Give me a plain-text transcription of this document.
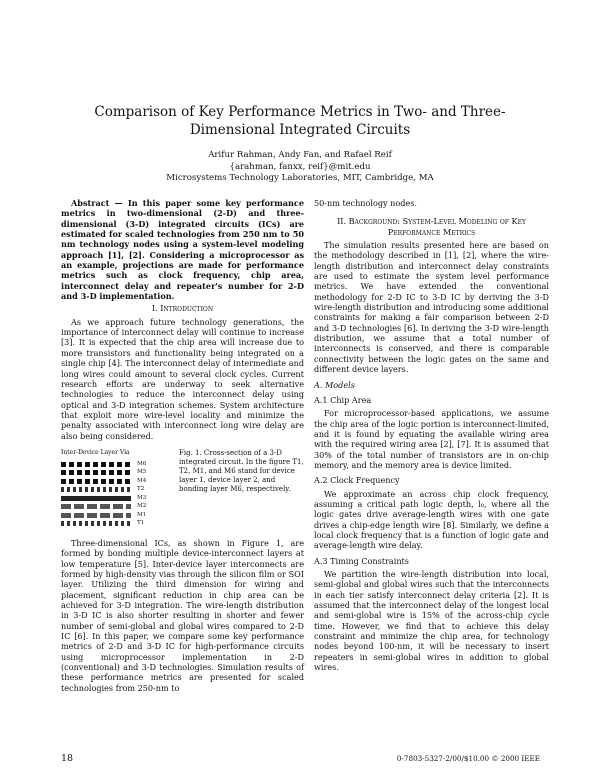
Comparison of Key Performance Metrics in Two- and Three-Dimensional Integrated Circuits
Arifur Rahman, Andy Fan, and Rafael Reif
{arahman, fanxx, reif}@mit.edu
Microsystems Technology Laboratories, MIT, Cambridge, MA

Abstract — In this paper some key performance metrics in two-dimensional (2-D) and three-dimensional (3-D) integrated circuits (ICs) are estimated for scaled technologies from 250 nm to 50 nm technology nodes using a system-level modeling approach [1], [2]. Considering a microprocessor as an example, projections are made for performance metrics such as clock frequency, chip area, interconnect delay and repeater's number for 2-D and 3-D implementation.

I. Introduction

As we approach future technology generations, the importance of interconnect delay will continue to increase [3]. It is expected that the chip area will increase due to more transistors and functionality being integrated on a single chip [4]. The interconnect delay of intermediate and long wires could amount to several clock cycles. Current research efforts are underway to seek alternative technologies to reduce the interconnect delay using optical and 3-D integration schemes. System architecture that exploit more wire-level locality and minimize the penalty associated with interconnect long wire delay are also being considered.

Inter-Device Layer Via
M6
M5
M4
T2
M3
M2
M1
T1
Fig. 1. Cross-section of a 3-D integrated circuit. In the figure T1, T2, M1, and M6 stand for device layer 1, device layer 2, and bonding layer M6, respectively.

Three-dimensional ICs, as shown in Figure 1, are formed by bonding multiple device-interconnect layers at low temperature [5]. Inter-device layer interconnects are formed by high-density vias through the silicon film or SOI layer. Utilizing the third dimension for wiring and placement, significant reduction in chip area can be achieved for 3-D integration. The wire-length distribution in 3-D IC is also shorter resulting in shorter and fewer number of semi-global and global wires compared to 2-D IC [6]. In this paper, we compare some key performance metrics of 2-D and 3-D IC for high-performance circuits using microprocessor implementation in 2-D (conventional) and 3-D technologies. Simulation results of these performance metrics are presented for scaled technologies from 250-nm to

50-nm technology nodes.

II. Background: System-Level Modeling of Key Performance Metrics

The simulation results presented here are based on the methodology described in [1], [2], where the wire-length distribution and interconnect delay constraints are used to estimate the system level performance metrics. We have extended the conventional methodology for 2-D IC to 3-D IC by deriving the 3-D wire-length distribution and introducing some additional constraints for making a fair comparison between 2-D and 3-D technologies [6]. In deriving the 3-D wire-length distribution, we assume that a total number of interconnects is conserved, and there is comparable connectivity between the logic gates on the same and different device layers.

A. Models
A.1 Chip Area

For microprocessor-based applications, we assume the chip area of the logic portion is interconnect-limited, and it is found by equating the available wiring area with the required wiring area [2], [7]. It is assumed that 30% of the total number of transistors are in on-chip memory, and the memory area is device limited.

A.2 Clock Frequency

We approximate an across chip clock frequency, assuming a critical path logic depth, l₀, where all the logic gates drive average-length wires with one gate drives a chip-edge length wire [8]. Similarly, we define a local clock frequency that is a function of logic gate and average-length wire delay.

A.3 Timing Constraints

We partition the wire-length distribution into local, semi-global and global wires such that the interconnects in each tier satisfy interconnect delay criteria [2]. It is assumed that the interconnect delay of the longest local and semi-global wire is 15% of the across-chip cycle time. However, we find that to achieve this delay constraint and minimize the chip area, for technology nodes beyond 100-nm, it will be necessary to insert repeaters in semi-global wires in addition to global wires.

18	0-7803-5327-2/00/$10.00 © 2000 IEEE
